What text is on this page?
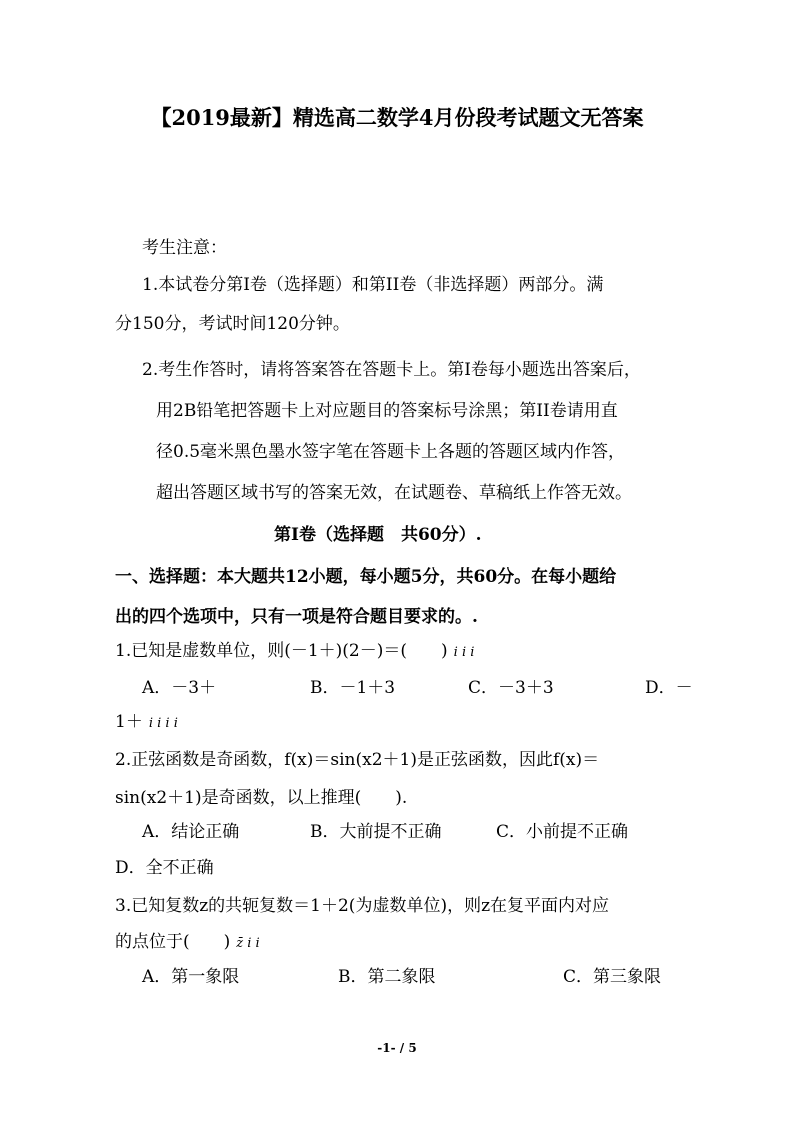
【2019最新】精选高二数学4月份段考试题文无答案
考生注意：
1.本试卷分第I卷（选择题）和第II卷（非选择题）两部分。满
分150分，考试时间120分钟。
2.考生作答时，请将答案答在答题卡上。第I卷每小题选出答案后，
用2B铅笔把答题卡上对应题目的答案标号涂黑；第II卷请用直
径0.5毫米黑色墨水签字笔在答题卡上各题的答题区域内作答，
超出答题区域书写的答案无效，在试题卷、草稿纸上作答无效。
第I卷（选择题　共60分）.
一、选择题：本大题共12小题，每小题5分，共60分。在每小题给
出的四个选项中，只有一项是符合题目要求的。.
1.已知是虚数单位，则(－1＋)(2－)＝(　　) i i i
A．－3＋	B．－1＋3	C．－3＋3	D．－
1＋ i i i i
2.正弦函数是奇函数，f(x)＝sin(x2＋1)是正弦函数，因此f(x)＝
sin(x2＋1)是奇函数，以上推理(　　).
A．结论正确	B．大前提不正确	C．小前提不正确
D．全不正确
3.已知复数z的共轭复数＝1＋2(为虚数单位)，则z在复平面内对应
的点位于(　　) z̄ i i
A．第一象限	B．第二象限	C．第三象限
-1- / 5
